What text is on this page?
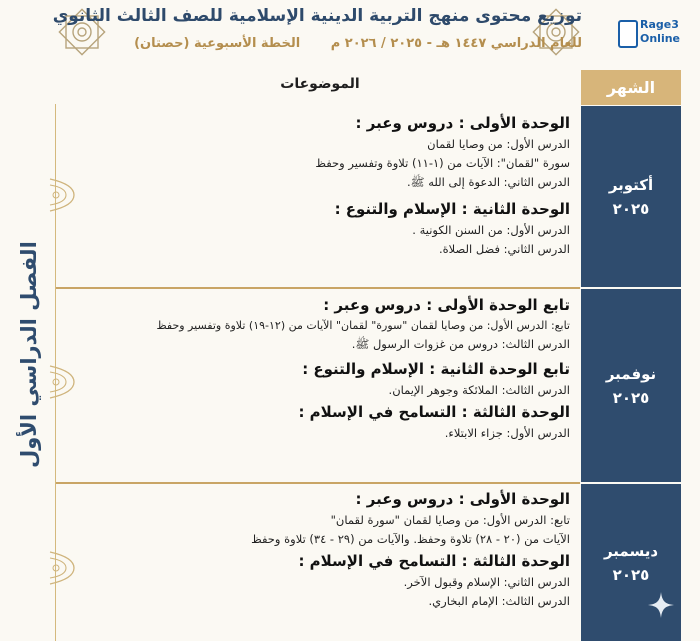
Rage3
Online
توزيع محتوى منهج التربية الدينية الإسلامية للصف الثالث الثانوي
للعام الدراسي ١٤٤٧ هـ - ٢٠٢٥ / ٢٠٢٦ م الخطة الأسبوعية (حصتان)
الشهر
الموضوعات
أكتوبر
٢٠٢٥
نوفمبر
٢٠٢٥
ديسمبر
٢٠٢٥
الفصل الدراسي الأول
الوحدة الأولى : دروس وعبر :
الدرس الأول: من وصايا لقمان
سورة "لقمان": الآيات من (١-١١) تلاوة وتفسير وحفظ
الدرس الثاني: الدعوة إلى الله ﷺ.
الوحدة الثانية : الإسلام والتنوع :
الدرس الأول: من السنن الكونية .
الدرس الثاني: فضل الصلاة.
تابع الوحدة الأولى : دروس وعبر :
تابع: الدرس الأول: من وصايا لقمان "سورة" لقمان" الآيات من (١٢-١٩) تلاوة وتفسير وحفظ
الدرس الثالث: دروس من غزوات الرسول ﷺ.
تابع الوحدة الثانية : الإسلام والتنوع :
الدرس الثالث: الملائكة وجوهر الإيمان.
الوحدة الثالثة : التسامح في الإسلام :
الدرس الأول: جزاء الابتلاء.
الوحدة الأولى : دروس وعبر :
تابع: الدرس الأول: من وصايا لقمان "سورة لقمان"
الآيات من (٢٠ - ٢٨) تلاوة وحفظ. والآيات من (٢٩ - ٣٤) تلاوة وحفظ
الوحدة الثالثة : التسامح في الإسلام :
الدرس الثاني: الإسلام وقبول الآخر.
الدرس الثالث: الإمام البخاري.
